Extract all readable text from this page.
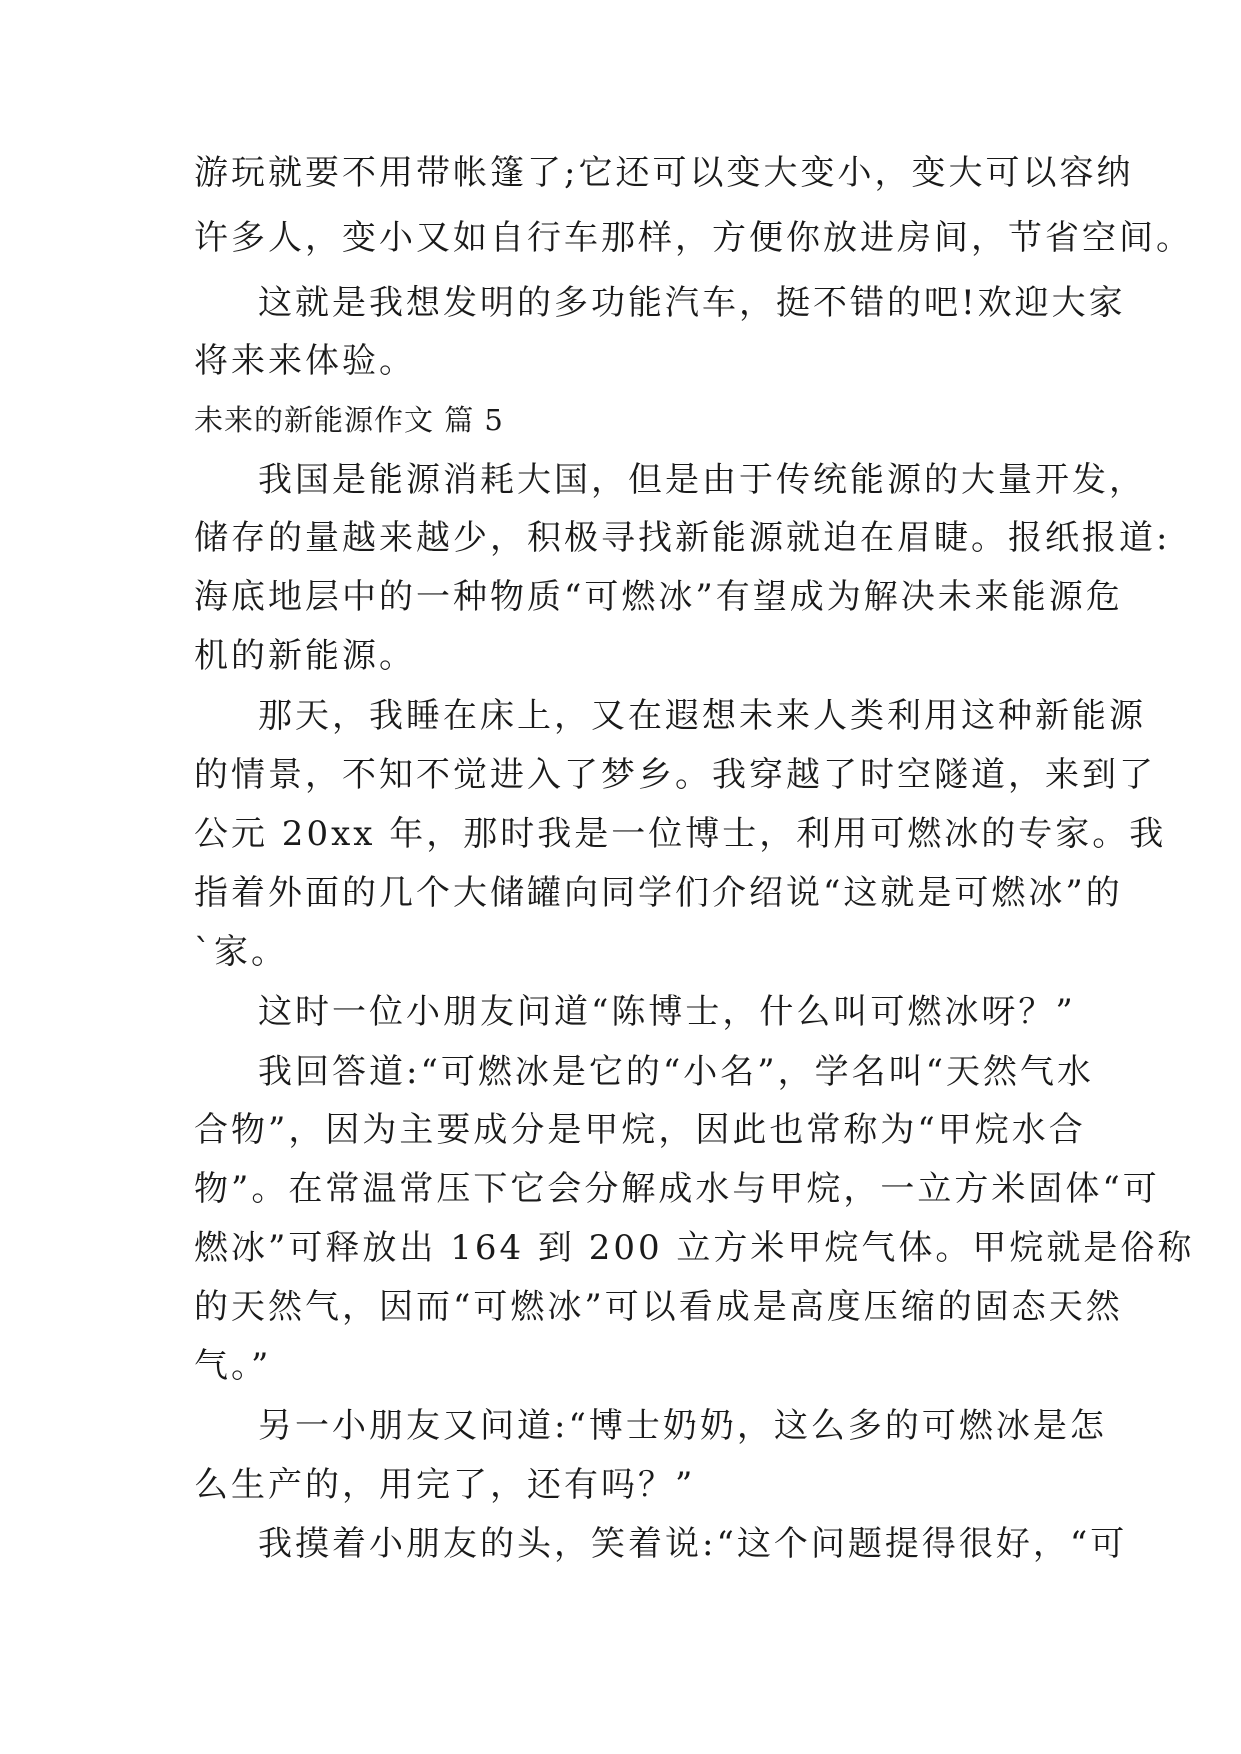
游玩就要不用带帐篷了;它还可以变大变小，变大可以容纳
许多人，变小又如自行车那样，方便你放进房间，节省空间。
这就是我想发明的多功能汽车，挺不错的吧!欢迎大家
将来来体验。
未来的新能源作文 篇 5
我国是能源消耗大国，但是由于传统能源的大量开发，
储存的量越来越少，积极寻找新能源就迫在眉睫。报纸报道:
海底地层中的一种物质“可燃冰”有望成为解决未来能源危
机的新能源。
那天，我睡在床上，又在遐想未来人类利用这种新能源
的情景，不知不觉进入了梦乡。我穿越了时空隧道，来到了
公元 20xx 年，那时我是一位博士，利用可燃冰的专家。我
指着外面的几个大储罐向同学们介绍说“这就是可燃冰”的
`家。
这时一位小朋友问道“陈博士，什么叫可燃冰呀？”
我回答道:“可燃冰是它的“小名”，学名叫“天然气水
合物”，因为主要成分是甲烷，因此也常称为“甲烷水合
物”。在常温常压下它会分解成水与甲烷，一立方米固体“可
燃冰”可释放出 164 到 200 立方米甲烷气体。甲烷就是俗称
的天然气，因而“可燃冰”可以看成是高度压缩的固态天然
气。”
另一小朋友又问道:“博士奶奶，这么多的可燃冰是怎
么生产的，用完了，还有吗？”
我摸着小朋友的头，笑着说:“这个问题提得很好，“可
